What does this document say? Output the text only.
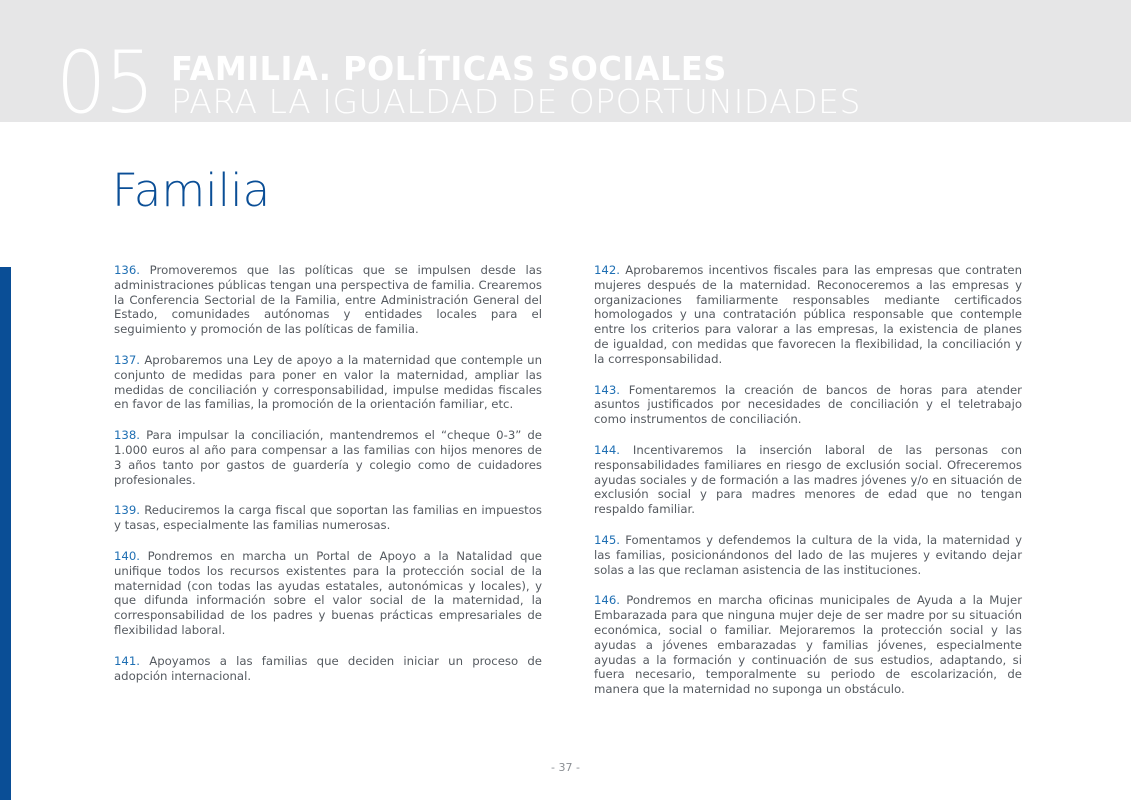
05 FAMILIA. POLÍTICAS SOCIALES
PARA LA IGUALDAD DE OPORTUNIDADES
Familia

136. Promoveremos que las políticas que se impulsen desde las administraciones públicas tengan una perspectiva de familia. Crearemos la Conferencia Sectorial de la Familia, entre Administración General del Estado, comunidades autónomas y entidades locales para el seguimiento y promoción de las políticas de familia.

137. Aprobaremos una Ley de apoyo a la maternidad que contemple un conjunto de medidas para poner en valor la maternidad, ampliar las medidas de conciliación y corresponsabilidad, impulse medidas fiscales en favor de las familias, la promoción de la orientación familiar, etc.

138. Para impulsar la conciliación, mantendremos el “cheque 0-3” de 1.000 euros al año para compensar a las familias con hijos menores de 3 años tanto por gastos de guardería y colegio como de cuidadores profesionales.

139. Reduciremos la carga fiscal que soportan las familias en impuestos y tasas, especialmente las familias numerosas.

140. Pondremos en marcha un Portal de Apoyo a la Natalidad que unifique todos los recursos existentes para la protección social de la maternidad (con todas las ayudas estatales, autonómicas y locales), y que difunda información sobre el valor social de la maternidad, la corresponsabilidad de los padres y buenas prácticas empresariales de flexibilidad laboral.

141. Apoyamos a las familias que deciden iniciar un proceso de adopción internacional.

142. Aprobaremos incentivos fiscales para las empresas que contraten mujeres después de la maternidad. Reconoceremos a las empresas y organizaciones familiarmente responsables mediante certificados homologados y una contratación pública responsable que contemple entre los criterios para valorar a las empresas, la existencia de planes de igualdad, con medidas que favorecen la flexibilidad, la conciliación y la corresponsabilidad.

143. Fomentaremos la creación de bancos de horas para atender asuntos justificados por necesidades de conciliación y el teletrabajo como instrumentos de conciliación.

144. Incentivaremos la inserción laboral de las personas con responsabilidades familiares en riesgo de exclusión social. Ofreceremos ayudas sociales y de formación a las madres jóvenes y/o en situación de exclusión social y para madres menores de edad que no tengan respaldo familiar.

145. Fomentamos y defendemos la cultura de la vida, la maternidad y las familias, posicionándonos del lado de las mujeres y evitando dejar solas a las que reclaman asistencia de las instituciones.

146. Pondremos en marcha oficinas municipales de Ayuda a la Mujer Embarazada para que ninguna mujer deje de ser madre por su situación económica, social o familiar. Mejoraremos la protección social y las ayudas a jóvenes embarazadas y familias jóvenes, especialmente ayudas a la formación y continuación de sus estudios, adaptando, si fuera necesario, temporalmente su periodo de escolarización, de manera que la maternidad no suponga un obstáculo.

- 37 -
